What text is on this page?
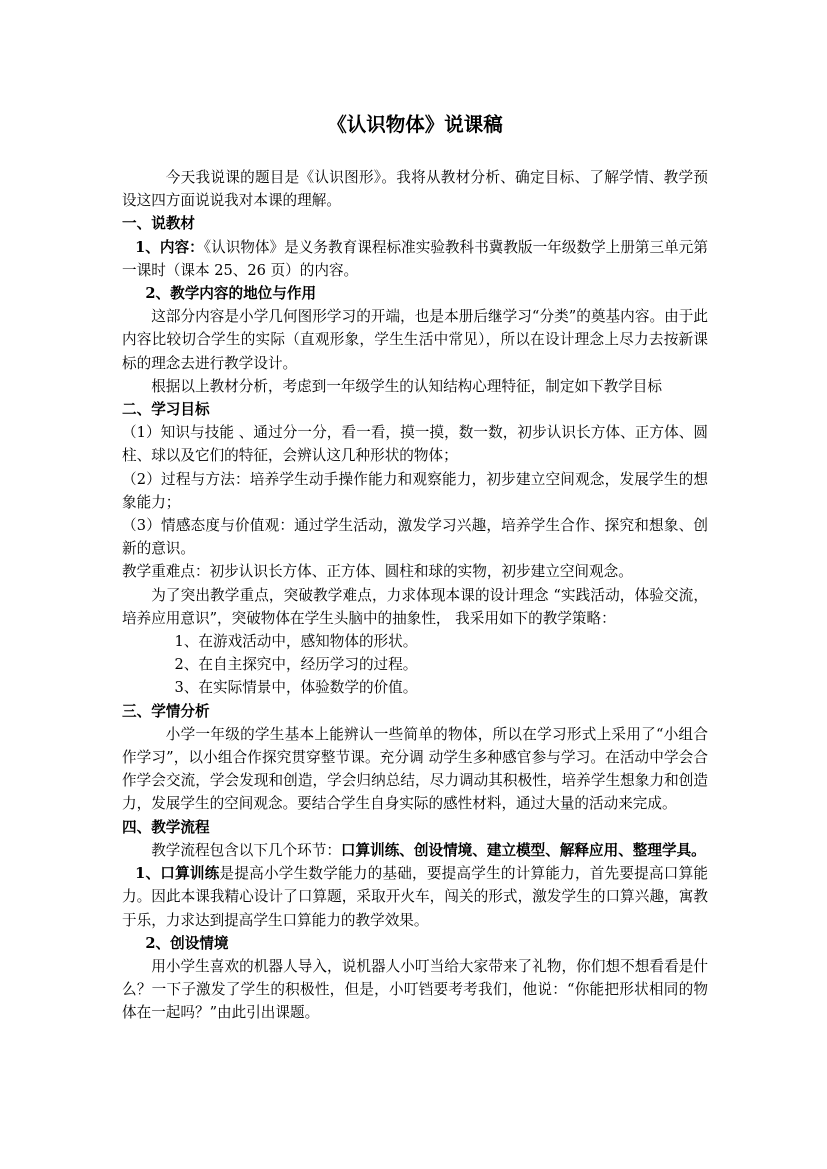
《认识物体》说课稿

今天我说课的题目是《认识图形》。我将从教材分析、确定目标、了解学情、教学预设这四方面说说我对本课的理解。

一、说教材

1、内容：《认识物体》是义务教育课程标准实验教科书冀教版一年级数学上册第三单元第一课时（课本 25、26 页）的内容。

2、教学内容的地位与作用

这部分内容是小学几何图形学习的开端，也是本册后继学习“分类”的奠基内容。由于此内容比较切合学生的实际（直观形象，学生生活中常见），所以在设计理念上尽力去按新课标的理念去进行教学设计。

根据以上教材分析，考虑到一年级学生的认知结构心理特征，制定如下教学目标

二、学习目标

（1）知识与技能 、通过分一分，看一看，摸一摸，数一数，初步认识长方体、正方体、圆柱、球以及它们的特征，会辨认这几种形状的物体；

（2）过程与方法：培养学生动手操作能力和观察能力，初步建立空间观念，发展学生的想象能力；

（3）情感态度与价值观：通过学生活动，激发学习兴趣，培养学生合作、探究和想象、创新的意识。

教学重难点：初步认识长方体、正方体、圆柱和球的实物，初步建立空间观念。

为了突出教学重点，突破教学难点，力求体现本课的设计理念 “实践活动，体验交流，培养应用意识”，突破物体在学生头脑中的抽象性， 我采用如下的教学策略：

1、在游戏活动中，感知物体的形状。

2、在自主探究中，经历学习的过程。

3、在实际情景中，体验数学的价值。

三、学情分析

小学一年级的学生基本上能辨认一些简单的物体，所以在学习形式上采用了“小组合作学习”，以小组合作探究贯穿整节课。充分调 动学生多种感官参与学习。在活动中学会合作学会交流，学会发现和创造，学会归纳总结，尽力调动其积极性，培养学生想象力和创造力，发展学生的空间观念。要结合学生自身实际的感性材料，通过大量的活动来完成。

四、教学流程

教学流程包含以下几个环节：口算训练、创设情境、建立模型、解释应用、整理学具。

1、口算训练是提高小学生数学能力的基础，要提高学生的计算能力，首先要提高口算能力。因此本课我精心设计了口算题，采取开火车，闯关的形式，激发学生的口算兴趣，寓教于乐，力求达到提高学生口算能力的教学效果。

2、创设情境

用小学生喜欢的机器人导入，说机器人小叮当给大家带来了礼物，你们想不想看看是什么？一下子激发了学生的积极性，但是，小叮铛要考考我们，他说：“你能把形状相同的物体在一起吗？”由此引出课题。
